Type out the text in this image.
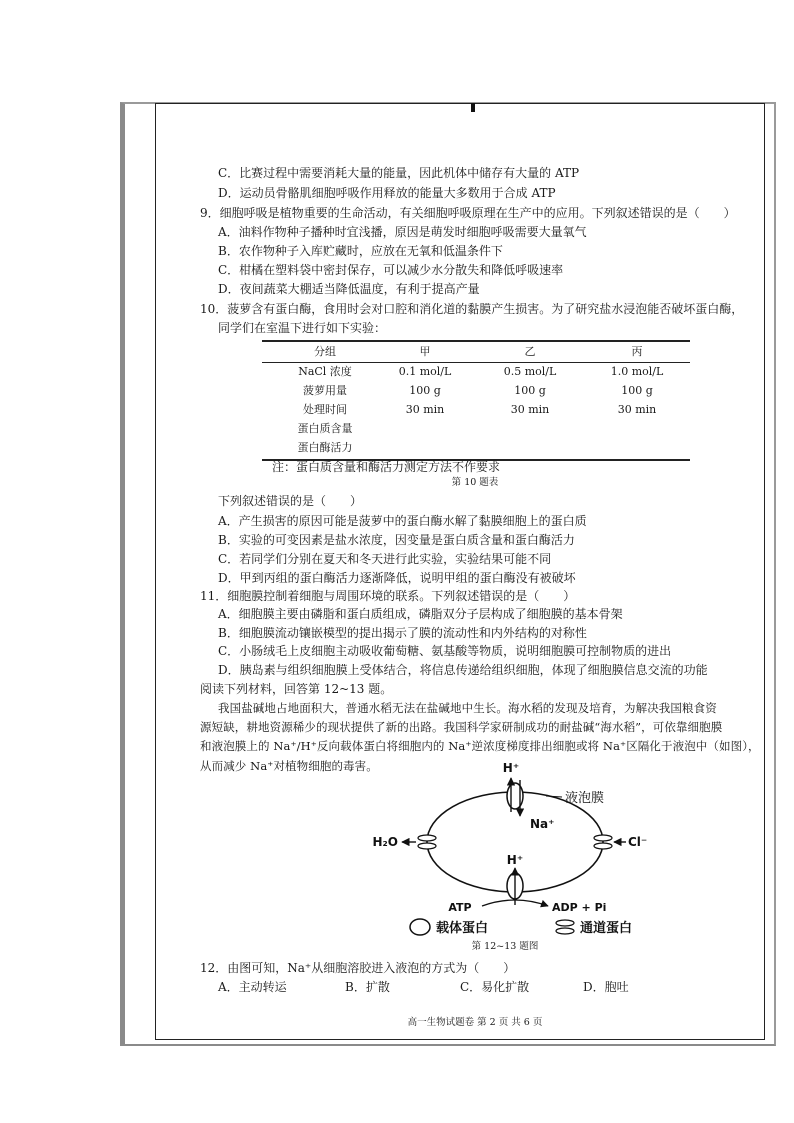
C．比赛过程中需要消耗大量的能量，因此机体中储存有大量的 ATP
D．运动员骨骼肌细胞呼吸作用释放的能量大多数用于合成 ATP
9．细胞呼吸是植物重要的生命活动，有关细胞呼吸原理在生产中的应用。下列叙述错误的是（　　）
A．油料作物种子播种时宜浅播，原因是萌发时细胞呼吸需要大量氧气
B．农作物种子入库贮藏时，应放在无氧和低温条件下
C．柑橘在塑料袋中密封保存，可以减少水分散失和降低呼吸速率
D．夜间蔬菜大棚适当降低温度，有利于提高产量
10．菠萝含有蛋白酶，食用时会对口腔和消化道的黏膜产生损害。为了研究盐水浸泡能否破坏蛋白酶，
同学们在室温下进行如下实验：
分组	甲	乙	丙
NaCl 浓度	0.1 mol/L	0.5 mol/L	1.0 mol/L
菠萝用量	100 g	100 g	100 g
处理时间	30 min	30 min	30 min
蛋白质含量
蛋白酶活力
注：蛋白质含量和酶活力测定方法不作要求
第 10 题表
下列叙述错误的是（　　）
A．产生损害的原因可能是菠萝中的蛋白酶水解了黏膜细胞上的蛋白质
B．实验的可变因素是盐水浓度，因变量是蛋白质含量和蛋白酶活力
C．若同学们分别在夏天和冬天进行此实验，实验结果可能不同
D．甲到丙组的蛋白酶活力逐渐降低，说明甲组的蛋白酶没有被破坏
11．细胞膜控制着细胞与周围环境的联系。下列叙述错误的是（　　）
A．细胞膜主要由磷脂和蛋白质组成，磷脂双分子层构成了细胞膜的基本骨架
B．细胞膜流动镶嵌模型的提出揭示了膜的流动性和内外结构的对称性
C．小肠绒毛上皮细胞主动吸收葡萄糖、氨基酸等物质，说明细胞膜可控制物质的进出
D．胰岛素与组织细胞膜上受体结合，将信息传递给组织细胞，体现了细胞膜信息交流的功能
阅读下列材料，回答第 12~13 题。
我国盐碱地占地面积大，普通水稻无法在盐碱地中生长。海水稻的发现及培育，为解决我国粮食资
源短缺，耕地资源稀少的现状提供了新的出路。我国科学家研制成功的耐盐碱“海水稻”，可依靠细胞膜
和液泡膜上的 Na⁺/H⁺反向载体蛋白将细胞内的 Na⁺逆浓度梯度排出细胞或将 Na⁺区隔化于液泡中（如图），
从而减少 Na⁺对植物细胞的毒害。	H⁺
Na⁺
液泡膜
H₂O	Cl⁻
H⁺
ATP	ADP + Pi
载体蛋白	通道蛋白
第 12~13 题图
12．由图可知，Na⁺从细胞溶胶进入液泡的方式为（　　）
A．主动转运	B．扩散	C．易化扩散	D．胞吐
高一生物试题卷 第 2 页 共 6 页
